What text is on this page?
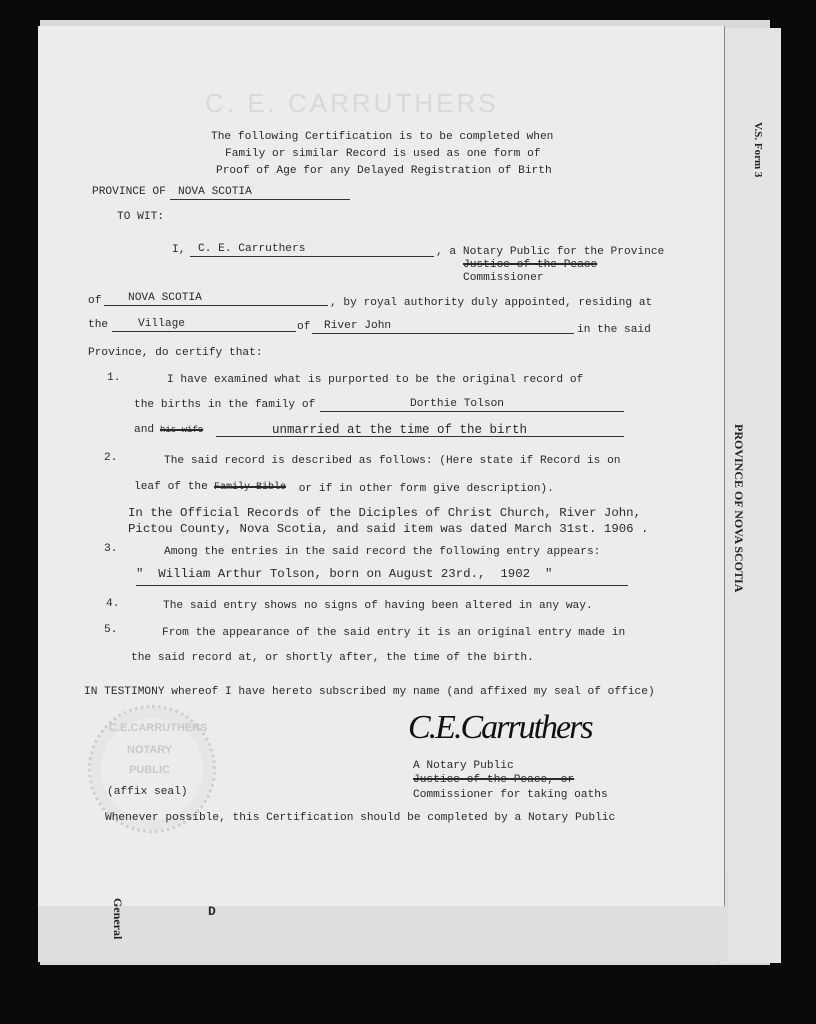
V.S. Form 3
PROVINCE OF NOVA SCOTIA
C. E. CARRUTHERS
The following Certification is to be completed when
Family or similar Record is used as one form of
Proof of Age for any Delayed Registration of Birth
PROVINCE OF	NOVA SCOTIA
TO WIT:
I,	C. E. Carruthers	, a Notary Public for the Province
Justice of the Peace
Commissioner
of	NOVA SCOTIA	, by royal authority duly appointed, residing at
the	Village	of	River John	in the said
Province, do certify that:
1.	I have examined what is purported to be the original record of
the births in the family of	Dorthie Tolson
and his wife	unmarried at the time of the birth
2.	The said record is described as follows: (Here state if Record is on
leaf of the Family Bible or if in other form give description).
In the Official Records of the Diciples of Christ Church, River John,
Pictou County, Nova Scotia, and said item was dated March 31st. 1906 .
3.	Among the entries in the said record the following entry appears:
"  William Arthur Tolson, born on August 23rd.,  1902  "
4.	The said entry shows no signs of having been altered in any way.
5.	From the appearance of the said entry it is an original entry made in
the said record at, or shortly after, the time of the birth.
IN TESTIMONY whereof I have hereto subscribed my name (and affixed my seal of office)
C.E.CARRUTHERS
NOTARY
PUBLIC
C.E.Carruthers
A Notary Public
Justice of the Peace, or
Commissioner for taking oaths
(affix seal)
Whenever possible, this Certification should be completed by a Notary Public
General	D
